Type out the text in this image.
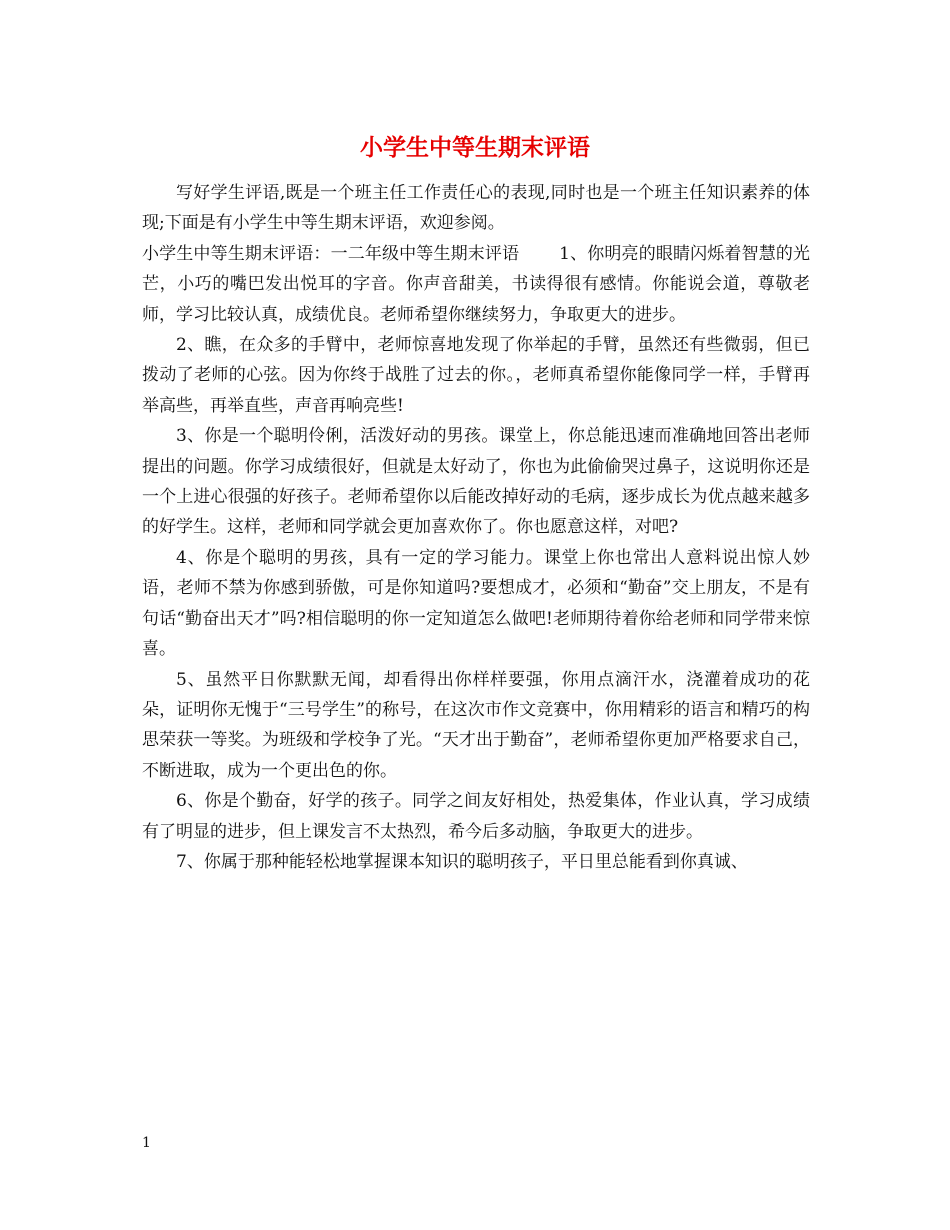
小学生中等生期末评语

写好学生评语,既是一个班主任工作责任心的表现,同时也是一个班主任知识素养的体现;下面是有小学生中等生期末评语，欢迎参阅。

小学生中等生期末评语：一二年级中等生期末评语 1、你明亮的眼睛闪烁着智慧的光芒，小巧的嘴巴发出悦耳的字音。你声音甜美，书读得很有感情。你能说会道，尊敬老师，学习比较认真，成绩优良。老师希望你继续努力，争取更大的进步。

2、瞧，在众多的手臂中，老师惊喜地发现了你举起的手臂，虽然还有些微弱，但已拨动了老师的心弦。因为你终于战胜了过去的你。，老师真希望你能像同学一样，手臂再举高些，再举直些，声音再响亮些!

3、你是一个聪明伶俐，活泼好动的男孩。课堂上，你总能迅速而准确地回答出老师提出的问题。你学习成绩很好，但就是太好动了，你也为此偷偷哭过鼻子，这说明你还是一个上进心很强的好孩子。老师希望你以后能改掉好动的毛病，逐步成长为优点越来越多的好学生。这样，老师和同学就会更加喜欢你了。你也愿意这样，对吧?

4、你是个聪明的男孩，具有一定的学习能力。课堂上你也常出人意料说出惊人妙语，老师不禁为你感到骄傲，可是你知道吗?要想成才，必须和“勤奋”交上朋友，不是有句话“勤奋出天才”吗?相信聪明的你一定知道怎么做吧!老师期待着你给老师和同学带来惊喜。

5、虽然平日你默默无闻，却看得出你样样要强，你用点滴汗水，浇灌着成功的花朵，证明你无愧于“三号学生”的称号，在这次市作文竞赛中，你用精彩的语言和精巧的构思荣获一等奖。为班级和学校争了光。“天才出于勤奋”，老师希望你更加严格要求自己，不断进取，成为一个更出色的你。

6、你是个勤奋，好学的孩子。同学之间友好相处，热爱集体，作业认真，学习成绩有了明显的进步，但上课发言不太热烈，希今后多动脑，争取更大的进步。

7、你属于那种能轻松地掌握课本知识的聪明孩子，平日里总能看到你真诚、

1
